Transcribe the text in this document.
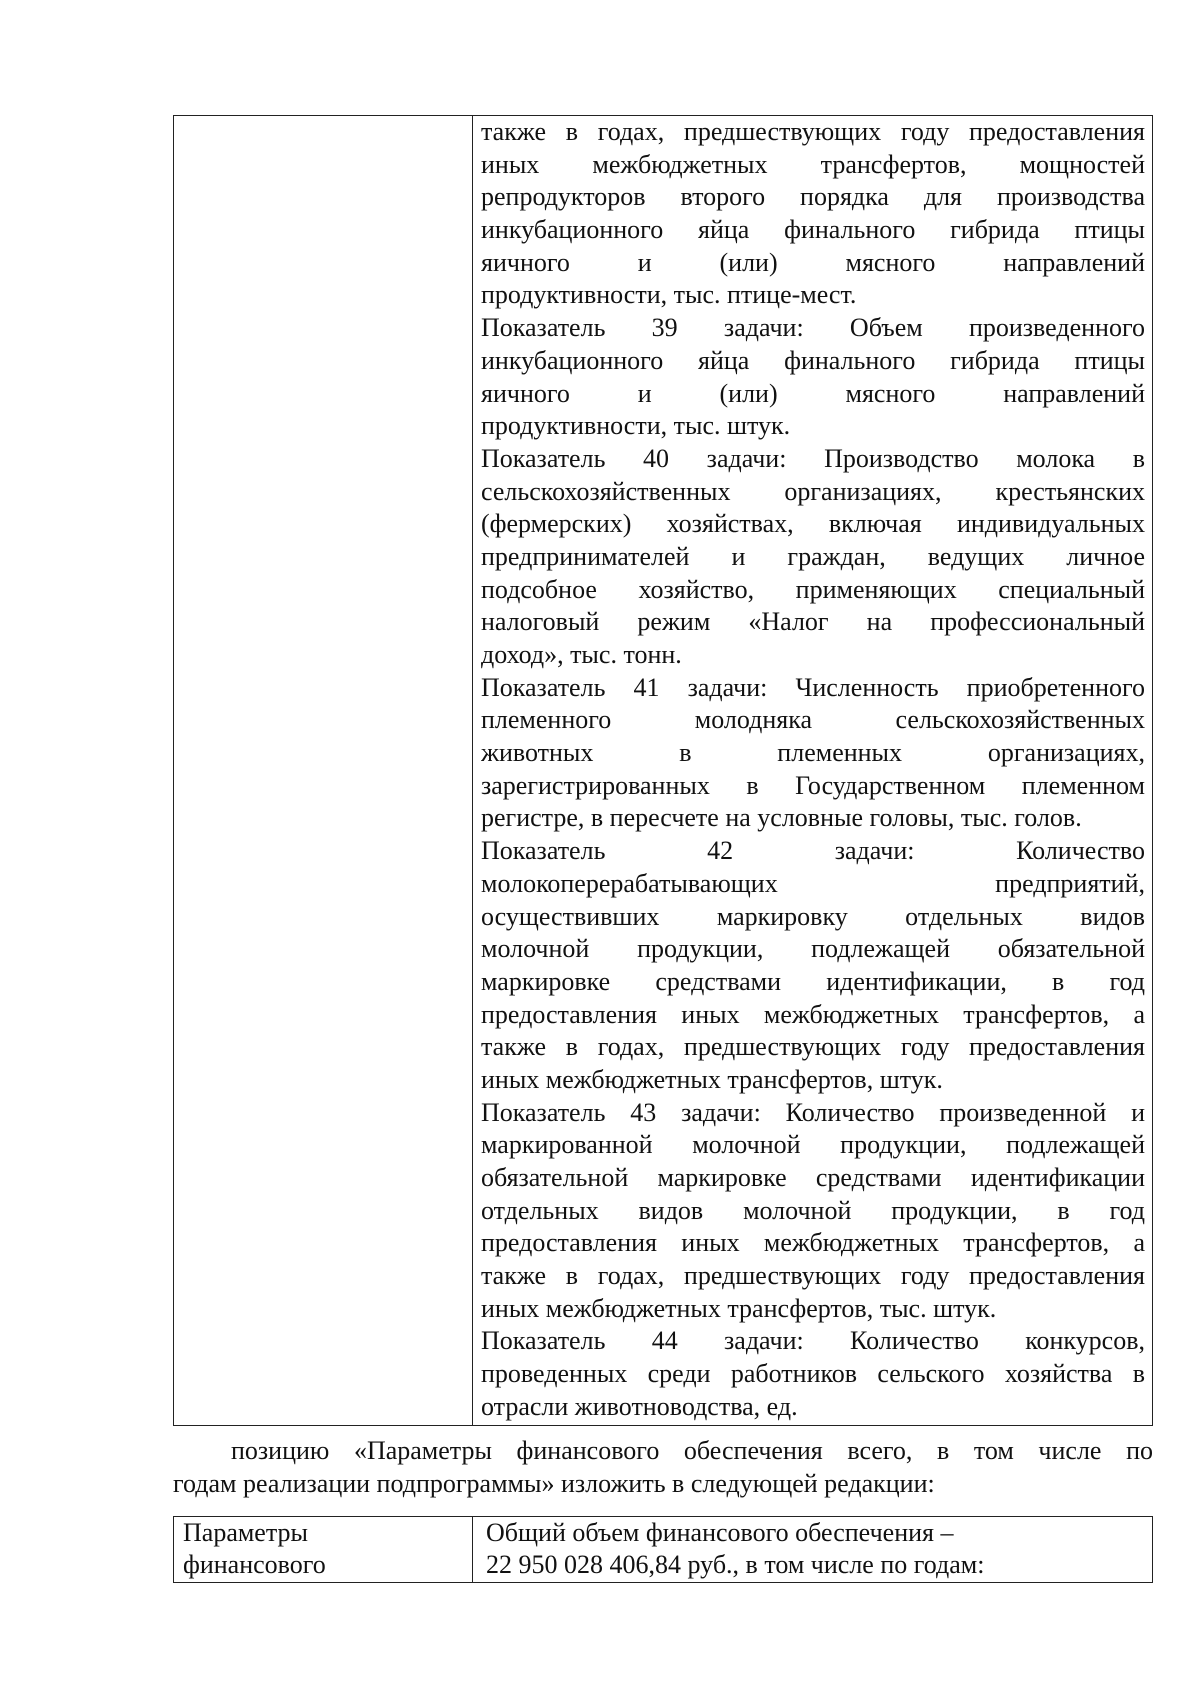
также в годах, предшествующих году предоставления
иных межбюджетных трансфертов, мощностей
репродукторов второго порядка для производства
инкубационного яйца финального гибрида птицы
яичного и (или) мясного направлений
продуктивности, тыс. птице-мест.
Показатель 39 задачи: Объем произведенного
инкубационного яйца финального гибрида птицы
яичного и (или) мясного направлений
продуктивности, тыс. штук.
Показатель 40 задачи: Производство молока в
сельскохозяйственных организациях, крестьянских
(фермерских) хозяйствах, включая индивидуальных
предпринимателей и граждан, ведущих личное
подсобное хозяйство, применяющих специальный
налоговый режим «Налог на профессиональный
доход», тыс. тонн.
Показатель 41 задачи: Численность приобретенного
племенного молодняка сельскохозяйственных
животных в племенных организациях,
зарегистрированных в Государственном племенном
регистре, в пересчете на условные головы, тыс. голов.
Показатель 42 задачи: Количество
молокоперерабатывающих предприятий,
осуществивших маркировку отдельных видов
молочной продукции, подлежащей обязательной
маркировке средствами идентификации, в год
предоставления иных межбюджетных трансфертов, а
также в годах, предшествующих году предоставления
иных межбюджетных трансфертов, штук.
Показатель 43 задачи: Количество произведенной и
маркированной молочной продукции, подлежащей
обязательной маркировке средствами идентификации
отдельных видов молочной продукции, в год
предоставления иных межбюджетных трансфертов, а
также в годах, предшествующих году предоставления
иных межбюджетных трансфертов, тыс. штук.
Показатель 44 задачи: Количество конкурсов,
проведенных среди работников сельского хозяйства в
отрасли животноводства, ед.
позицию «Параметры финансового обеспечения всего, в том числе по
годам реализации подпрограммы» изложить в следующей редакции:
Параметры
финансового
Общий объем финансового обеспечения –
22 950 028 406,84 руб., в том числе по годам:
